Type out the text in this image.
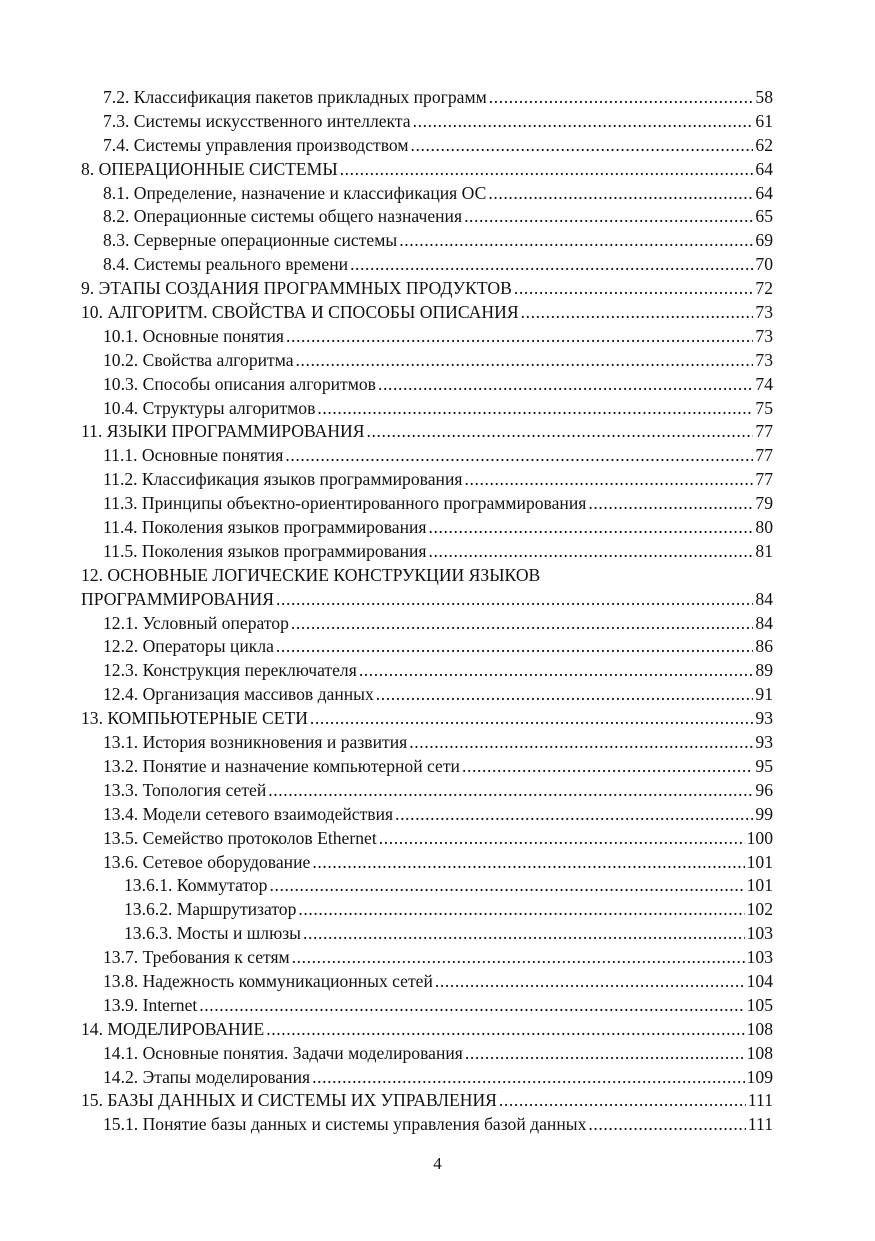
7.2. Классификация пакетов прикладных программ .....	58
7.3. Системы искусственного интеллекта .....	61
7.4. Системы управления производством .....	62
8. ОПЕРАЦИОННЫЕ СИСТЕМЫ .....	64
8.1. Определение, назначение и классификация ОС .....	64
8.2. Операционные системы общего назначения .....	65
8.3. Серверные операционные системы .....	69
8.4. Системы реального времени .....	70
9. ЭТАПЫ СОЗДАНИЯ ПРОГРАММНЫХ ПРОДУКТОВ .....	72
10. АЛГОРИТМ. СВОЙСТВА И СПОСОБЫ ОПИСАНИЯ .....	73
10.1. Основные понятия .....	73
10.2. Свойства алгоритма .....	73
10.3. Способы описания алгоритмов .....	74
10.4. Структуры алгоритмов .....	75
11. ЯЗЫКИ ПРОГРАММИРОВАНИЯ .....	77
11.1. Основные понятия .....	77
11.2. Классификация языков программирования .....	77
11.3. Принципы объектно-ориентированного программирования .....	79
11.4. Поколения языков программирования .....	80
11.5. Поколения языков программирования .....	81
12. ОСНОВНЫЕ ЛОГИЧЕСКИЕ КОНСТРУКЦИИ ЯЗЫКОВ
ПРОГРАММИРОВАНИЯ .....	84
12.1. Условный оператор .....	84
12.2. Операторы цикла .....	86
12.3. Конструкция переключателя .....	89
12.4. Организация массивов данных .....	91
13. КОМПЬЮТЕРНЫЕ СЕТИ .....	93
13.1. История возникновения и развития .....	93
13.2. Понятие и назначение компьютерной сети .....	95
13.3. Топология сетей .....	96
13.4. Модели сетевого взаимодействия .....	99
13.5. Семейство протоколов Ethernet .....	100
13.6. Сетевое оборудование .....	101
13.6.1. Коммутатор .....	101
13.6.2. Маршрутизатор .....	102
13.6.3. Мосты и шлюзы .....	103
13.7. Требования к сетям .....	103
13.8. Надежность коммуникационных сетей .....	104
13.9. Internet .....	105
14. МОДЕЛИРОВАНИЕ .....	108
14.1. Основные понятия. Задачи моделирования .....	108
14.2. Этапы моделирования .....	109
15. БАЗЫ ДАННЫХ И СИСТЕМЫ ИХ УПРАВЛЕНИЯ .....	111
15.1. Понятие базы данных и системы управления базой данных .....	111
4
